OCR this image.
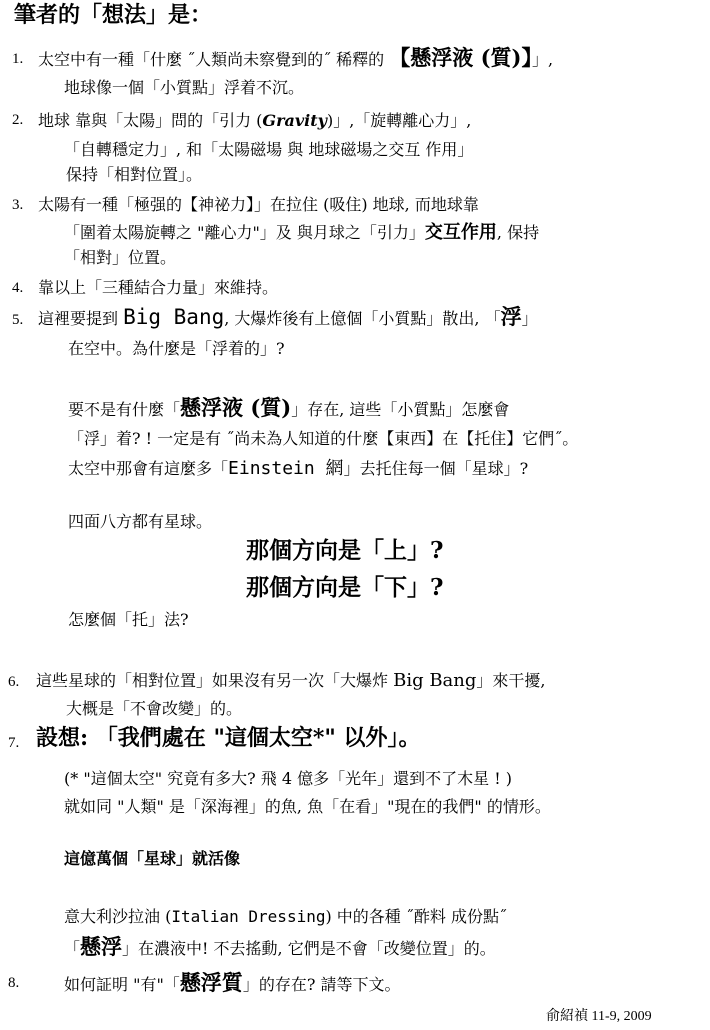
筆者的「想法」是：
1. 太空中有一種「什麼 ˝人類尚未察覺到的˝ 稀釋的 【懸浮液 (質)】」,
地球像一個「小質點」浮着不沉。
2. 地球 靠與「太陽」問的「引力 (Gravity)」,「旋轉離心力」,
「自轉穩定力」, 和「太陽磁場 與 地球磁場之交互 作用」
保持「相對位置」。
3. 太陽有一種「極强的【神祕力】」在拉住 (吸住) 地球, 而地球靠
「圍着太陽旋轉之 "離心力"」及 與月球之「引力」交互作用, 保持
「相對」位置。
4. 靠以上「三種結合力量」來維持。
5. 這裡要提到 Big Bang, 大爆炸後有上億個「小質點」散出, 「浮」
在空中。為什麼是「浮着的」?
要不是有什麼「懸浮液 (質)」存在, 這些「小質點」怎麼會
「浮」着? ! 一定是有 ˝尚未為人知道的什麼【東西】在【托住】它們˝。
太空中那會有這麼多「Einstein 網」去托住每一個「星球」?
四面八方都有星球。
那個方向是「上」?
那個方向是「下」?
怎麼個「托」法?
6. 這些星球的「相對位置」如果沒有另一次「大爆炸 Big Bang」來干擾,
大概是「不會改變」的。
7. 設想: 「我們處在 "這個太空*" 以外」。
(* "這個太空" 究竟有多大? 飛 4 億多「光年」還到不了木星 ! )
就如同 "人類" 是「深海裡」的魚, 魚「在看」"現在的我們" 的情形。
這億萬個「星球」就活像
意大利沙拉油 (Italian Dressing) 中的各種 ˝酢料 成份點˝
「懸浮」在濃液中! 不去搖動, 它們是不會「改變位置」的。
8.	如何証明 "有"「懸浮質」的存在? 請等下文。
俞紹禎 11-9, 2009
